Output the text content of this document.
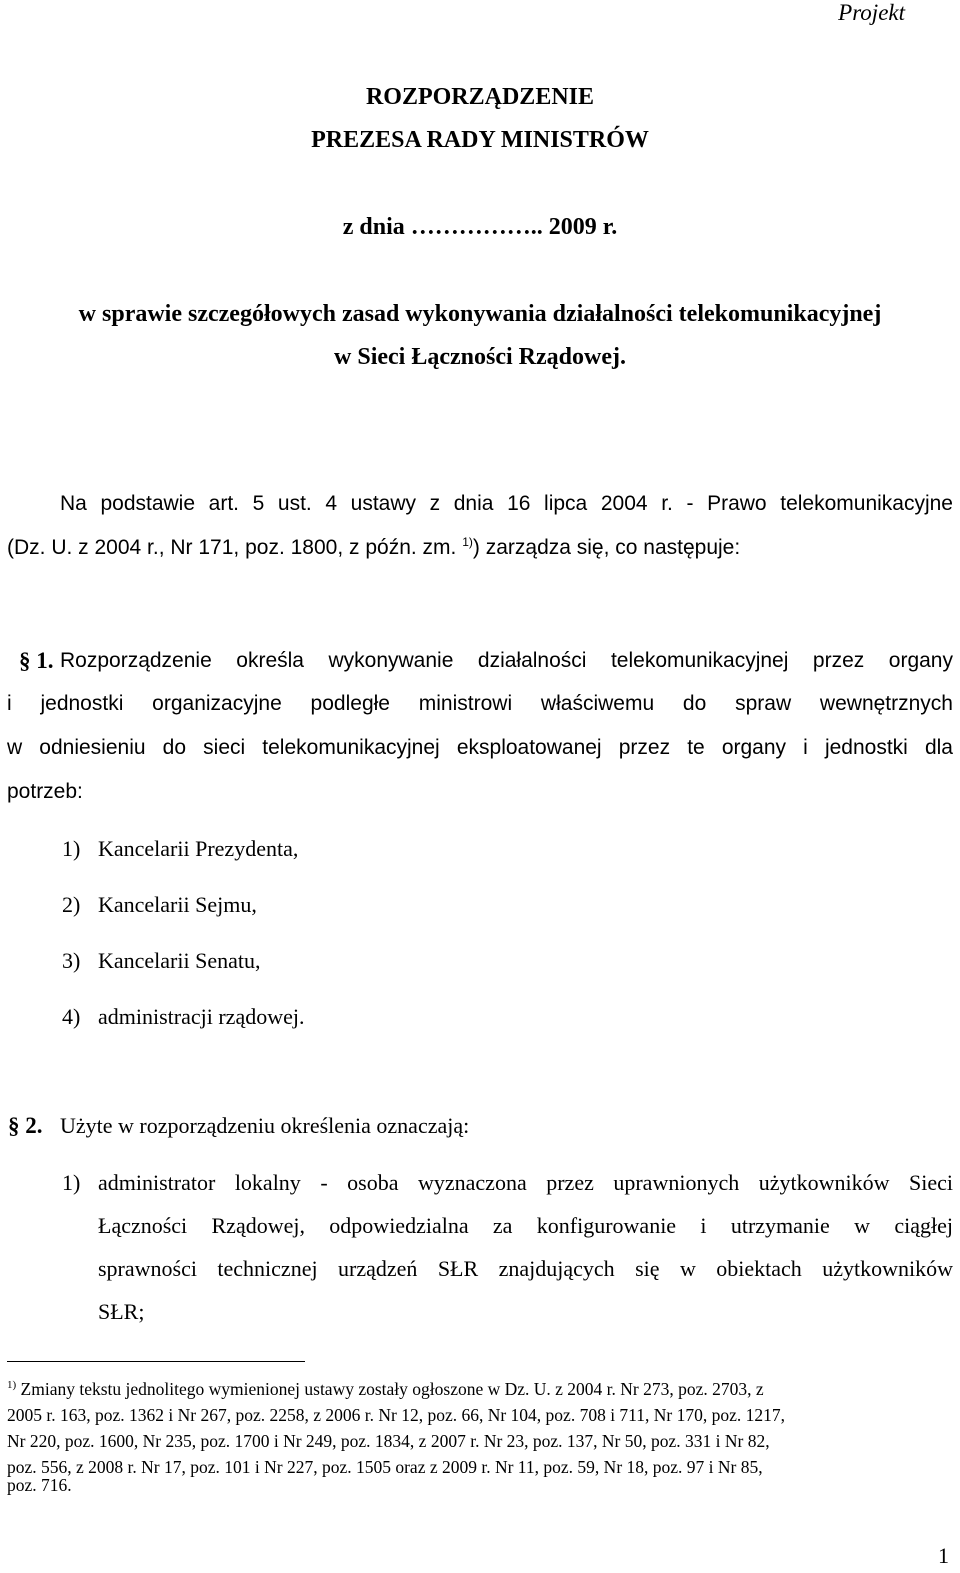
Projekt
ROZPORZĄDZENIE
PREZESA RADY MINISTRÓW
z dnia …………….. 2009 r.
w sprawie szczegółowych zasad wykonywania działalności telekomunikacyjnej
w Sieci Łączności Rządowej.
Na podstawie art. 5 ust. 4 ustawy z dnia 16 lipca 2004 r. - Prawo telekomunikacyjne
(Dz. U. z 2004 r., Nr 171, poz. 1800, z późn. zm. $^{1)}$) zarządza się, co następuje:
§ 1. Rozporządzenie określa wykonywanie działalności telekomunikacyjnej przez organy
i jednostki organizacyjne podległe ministrowi właściwemu do spraw wewnętrznych
w odniesieniu do sieci telekomunikacyjnej eksploatowanej przez te organy i jednostki dla
potrzeb:
1) Kancelarii Prezydenta,
2) Kancelarii Sejmu,
3) Kancelarii Senatu,
4) administracji rządowej.
§ 2. Użyte w rozporządzeniu określenia oznaczają:
1) administrator lokalny - osoba wyznaczona przez uprawnionych użytkowników Sieci
Łączności Rządowej, odpowiedzialna za konfigurowanie i utrzymanie w ciągłej
sprawności technicznej urządzeń SŁR znajdujących się w obiektach użytkowników
SŁR;
$^{1)}$ Zmiany tekstu jednolitego wymienionej ustawy zostały ogłoszone w Dz. U. z 2004 r. Nr 273, poz. 2703, z
2005 r. 163, poz. 1362 i Nr 267, poz. 2258, z 2006 r. Nr 12, poz. 66, Nr 104, poz. 708 i 711, Nr 170, poz. 1217,
Nr 220, poz. 1600, Nr 235, poz. 1700 i Nr 249, poz. 1834, z 2007 r. Nr 23, poz. 137, Nr 50, poz. 331 i Nr 82,
poz. 556, z 2008 r. Nr 17, poz. 101 i Nr 227, poz. 1505 oraz z 2009 r. Nr 11, poz. 59, Nr 18, poz. 97 i Nr 85,
poz. 716.
1
